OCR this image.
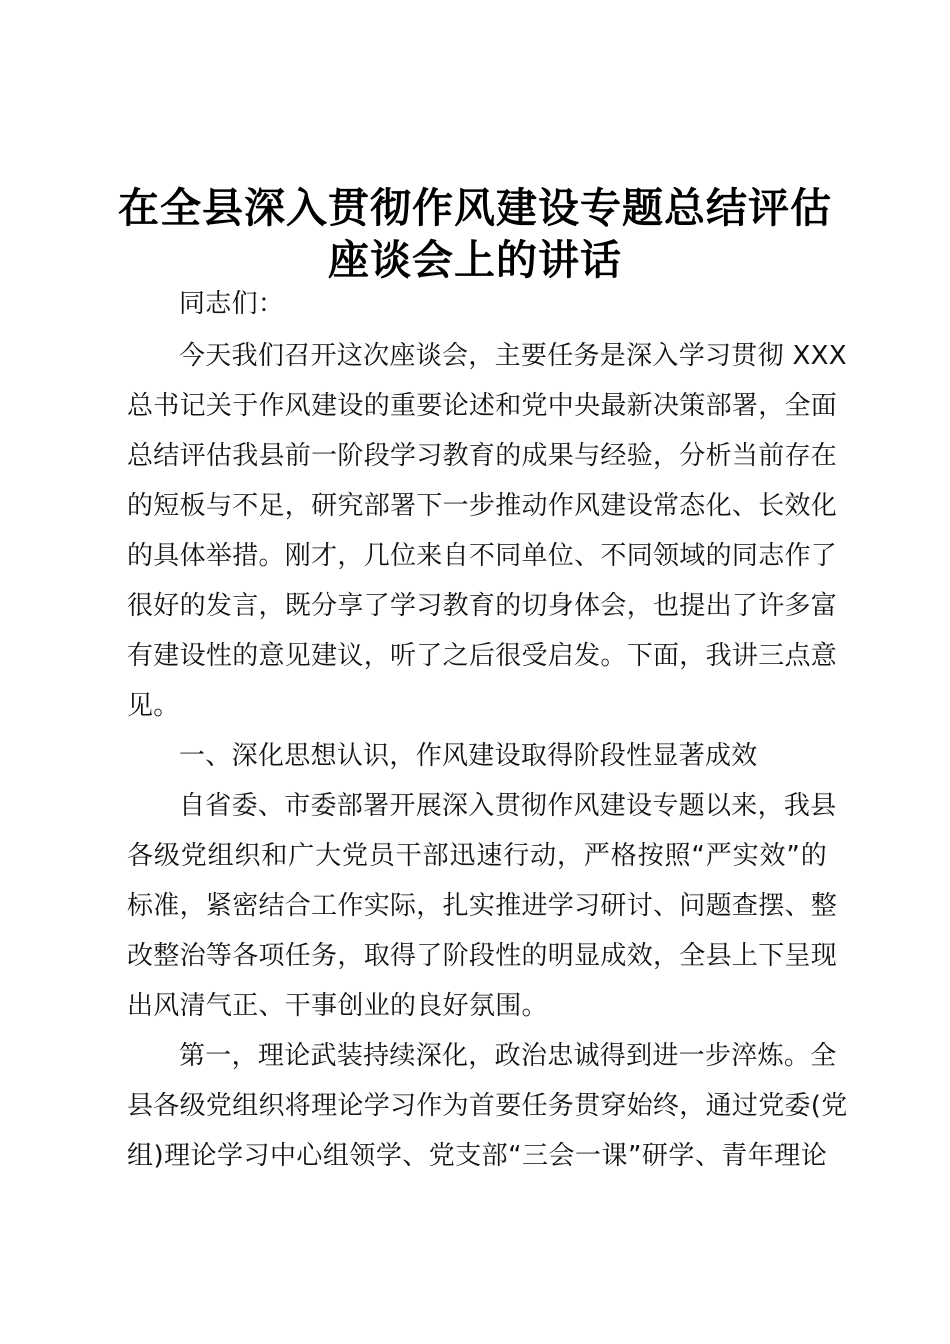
在全县深入贯彻作风建设专题总结评估
座谈会上的讲话
同志们：
今天我们召开这次座谈会，主要任务是深入学习贯彻 XXX
总书记关于作风建设的重要论述和党中央最新决策部署，全面
总结评估我县前一阶段学习教育的成果与经验，分析当前存在
的短板与不足，研究部署下一步推动作风建设常态化、长效化
的具体举措。刚才，几位来自不同单位、不同领域的同志作了
很好的发言，既分享了学习教育的切身体会，也提出了许多富
有建设性的意见建议，听了之后很受启发。下面，我讲三点意
见。
一、深化思想认识，作风建设取得阶段性显著成效
自省委、市委部署开展深入贯彻作风建设专题以来，我县
各级党组织和广大党员干部迅速行动，严格按照“严实效”的
标准，紧密结合工作实际，扎实推进学习研讨、问题查摆、整
改整治等各项任务，取得了阶段性的明显成效，全县上下呈现
出风清气正、干事创业的良好氛围。
第一，理论武装持续深化，政治忠诚得到进一步淬炼。全
县各级党组织将理论学习作为首要任务贯穿始终，通过党委(党
组)理论学习中心组领学、党支部“三会一课”研学、青年理论
